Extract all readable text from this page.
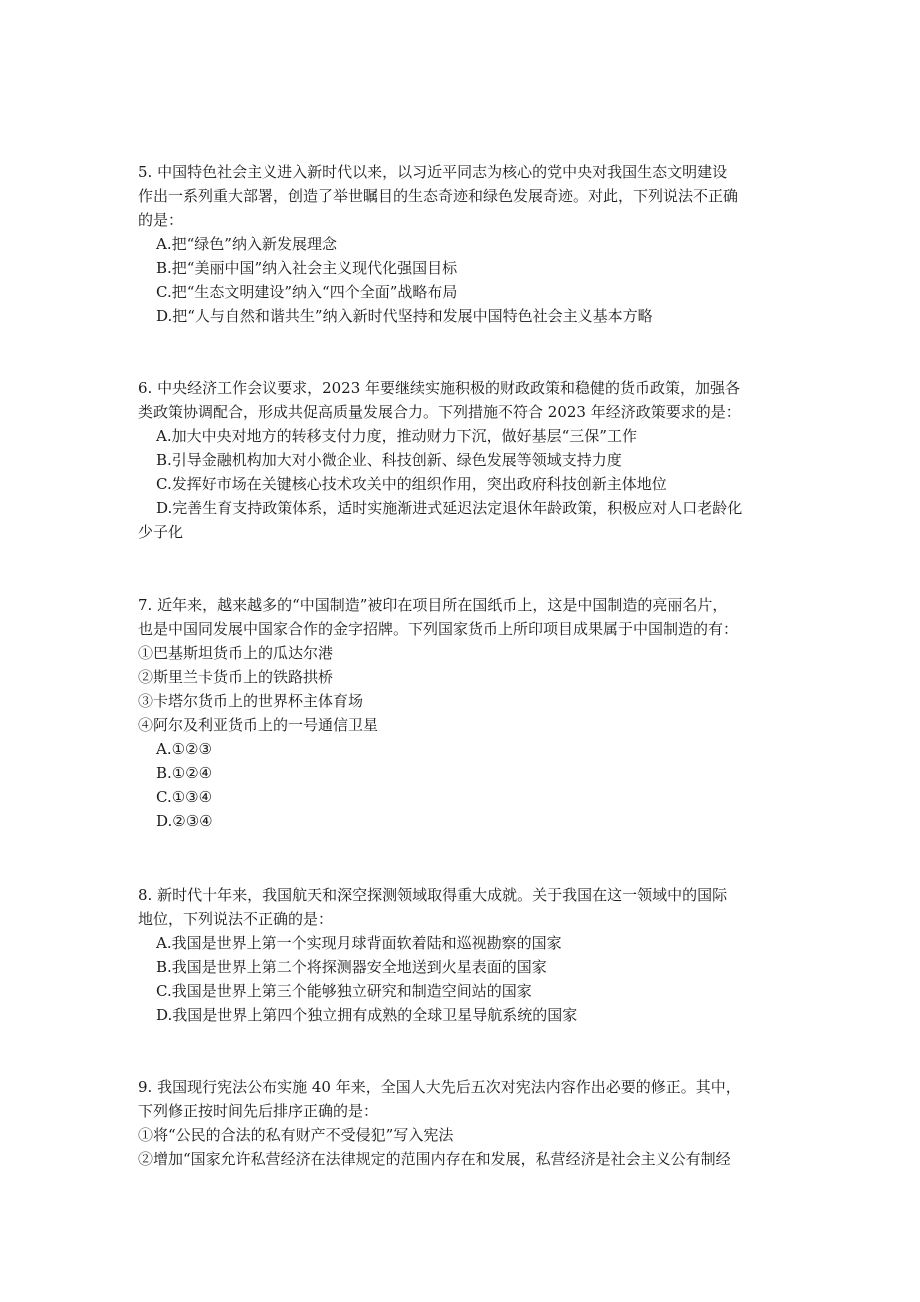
5. 中国特色社会主义进入新时代以来，以习近平同志为核心的党中央对我国生态文明建设
作出一系列重大部署，创造了举世瞩目的生态奇迹和绿色发展奇迹。对此，下列说法不正确
的是：
A.把“绿色”纳入新发展理念
B.把“美丽中国”纳入社会主义现代化强国目标
C.把“生态文明建设”纳入“四个全面”战略布局
D.把“人与自然和谐共生”纳入新时代坚持和发展中国特色社会主义基本方略
6. 中央经济工作会议要求，2023 年要继续实施积极的财政政策和稳健的货币政策，加强各
类政策协调配合，形成共促高质量发展合力。下列措施不符合 2023 年经济政策要求的是：
A.加大中央对地方的转移支付力度，推动财力下沉，做好基层“三保”工作
B.引导金融机构加大对小微企业、科技创新、绿色发展等领域支持力度
C.发挥好市场在关键核心技术攻关中的组织作用，突出政府科技创新主体地位
D.完善生育支持政策体系，适时实施渐进式延迟法定退休年龄政策，积极应对人口老龄化
少子化
7. 近年来，越来越多的“中国制造”被印在项目所在国纸币上，这是中国制造的亮丽名片，
也是中国同发展中国家合作的金字招牌。下列国家货币上所印项目成果属于中国制造的有：
①巴基斯坦货币上的瓜达尔港
②斯里兰卡货币上的铁路拱桥
③卡塔尔货币上的世界杯主体育场
④阿尔及利亚货币上的一号通信卫星
A.①②③
B.①②④
C.①③④
D.②③④
8. 新时代十年来，我国航天和深空探测领域取得重大成就。关于我国在这一领域中的国际
地位，下列说法不正确的是：
A.我国是世界上第一个实现月球背面软着陆和巡视勘察的国家
B.我国是世界上第二个将探测器安全地送到火星表面的国家
C.我国是世界上第三个能够独立研究和制造空间站的国家
D.我国是世界上第四个独立拥有成熟的全球卫星导航系统的国家
9. 我国现行宪法公布实施 40 年来，全国人大先后五次对宪法内容作出必要的修正。其中，
下列修正按时间先后排序正确的是：
①将“公民的合法的私有财产不受侵犯”写入宪法
②增加“国家允许私营经济在法律规定的范围内存在和发展，私营经济是社会主义公有制经
